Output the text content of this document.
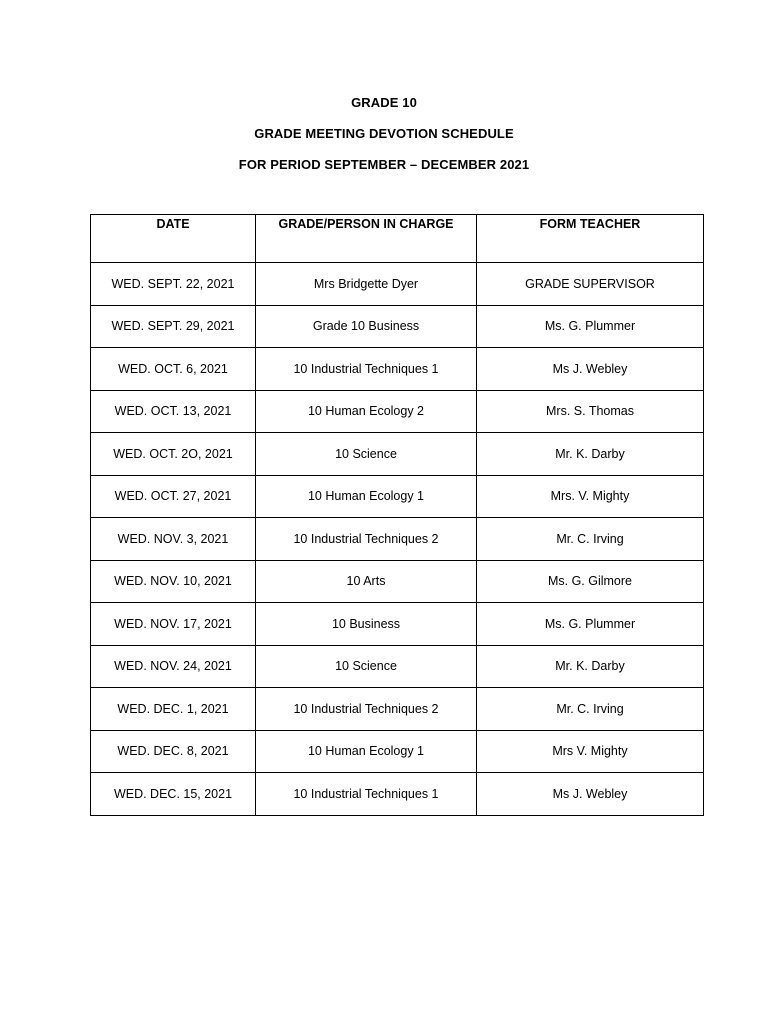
GRADE 10
GRADE MEETING DEVOTION SCHEDULE
FOR PERIOD SEPTEMBER – DECEMBER 2021
DATE	GRADE/PERSON IN CHARGE	FORM TEACHER
WED. SEPT. 22, 2021	Mrs Bridgette Dyer	GRADE SUPERVISOR
WED. SEPT. 29, 2021	Grade 10 Business	Ms. G. Plummer
WED. OCT. 6, 2021	10 Industrial Techniques 1	Ms J. Webley
WED. OCT. 13, 2021	10 Human Ecology 2	Mrs. S. Thomas
WED. OCT. 2O, 2021	10 Science	Mr. K. Darby
WED. OCT. 27, 2021	10 Human Ecology 1	Mrs. V. Mighty
WED. NOV. 3, 2021	10 Industrial Techniques 2	Mr. C. Irving
WED. NOV. 10, 2021	10 Arts	Ms. G. Gilmore
WED. NOV. 17, 2021	10 Business	Ms. G. Plummer
WED. NOV. 24, 2021	10 Science	Mr. K. Darby
WED. DEC. 1, 2021	10 Industrial Techniques 2	Mr. C. Irving
WED. DEC. 8, 2021	10 Human Ecology 1	Mrs V. Mighty
WED. DEC. 15, 2021	10 Industrial Techniques 1	Ms J. Webley
